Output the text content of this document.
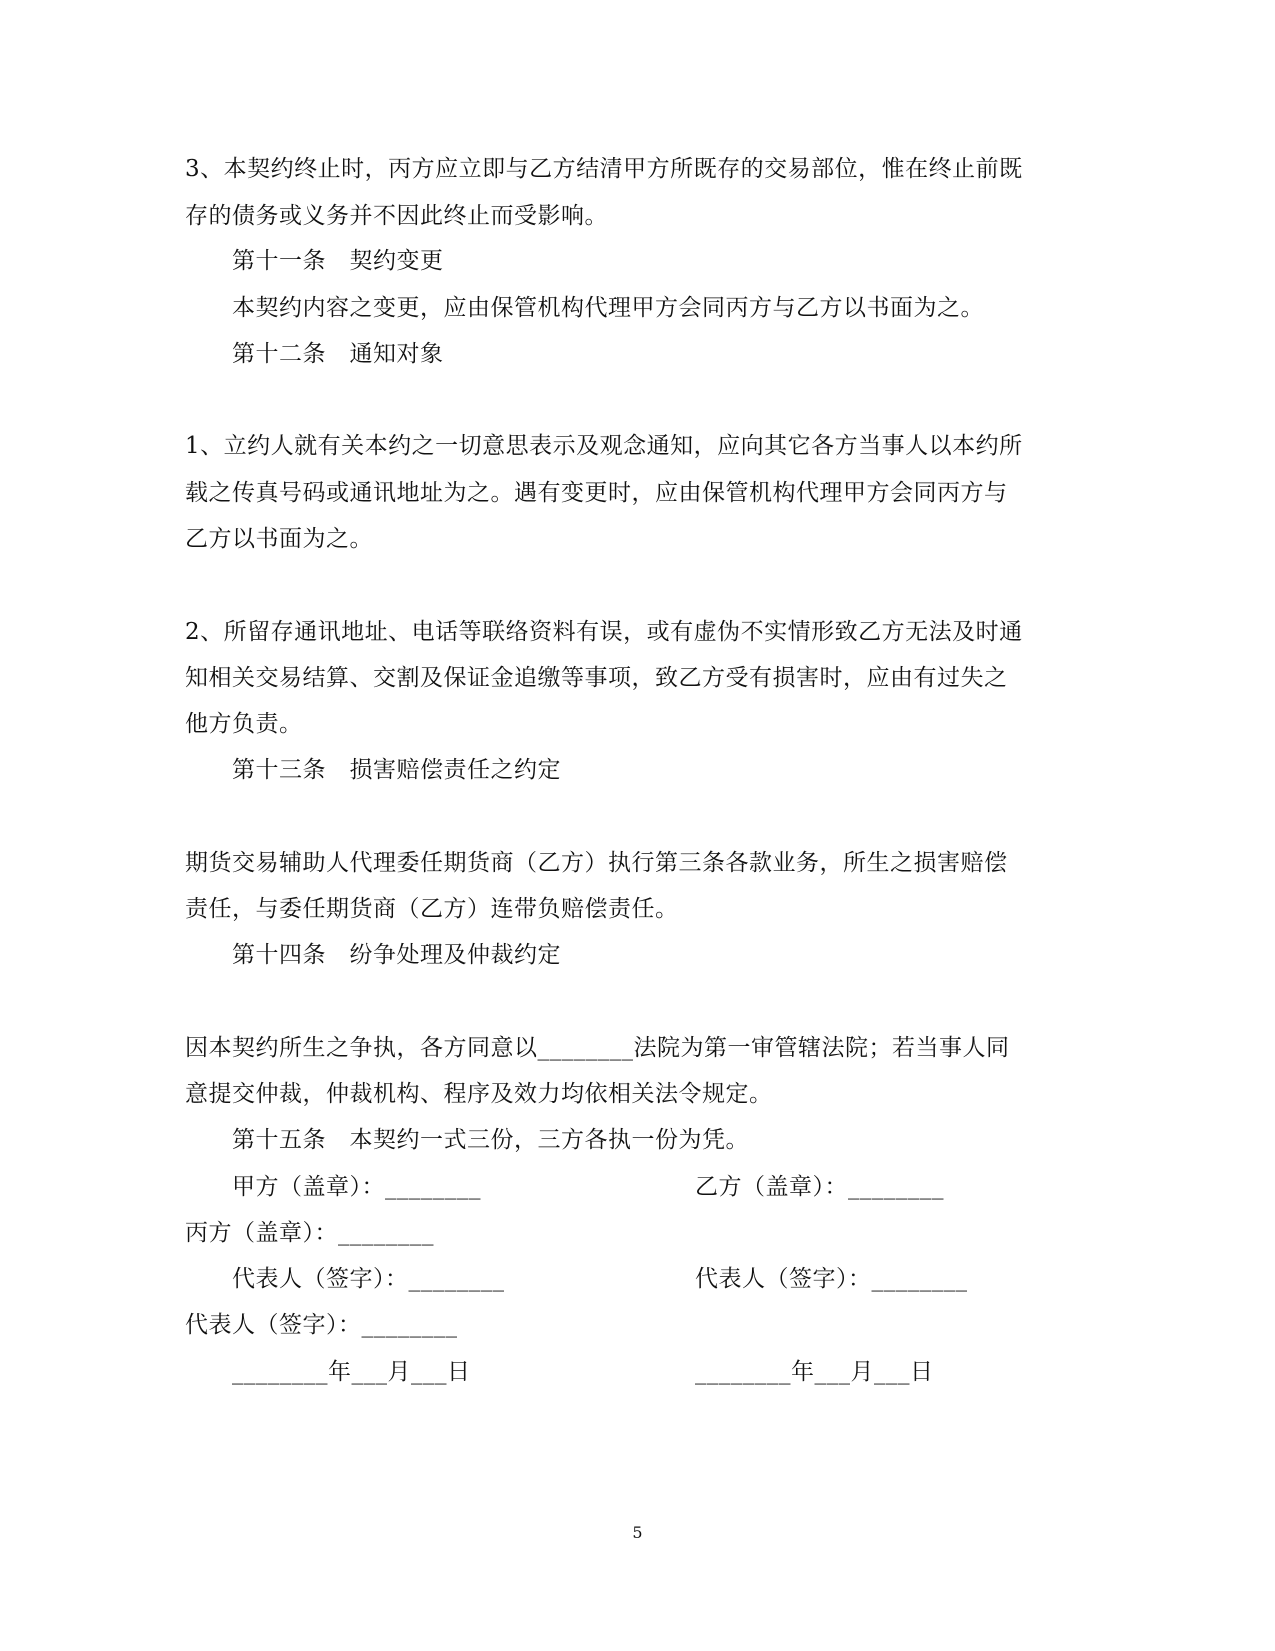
3、本契约终止时，丙方应立即与乙方结清甲方所既存的交易部位，惟在终止前既
存的债务或义务并不因此终止而受影响。
第十一条　契约变更
本契约内容之变更，应由保管机构代理甲方会同丙方与乙方以书面为之。
第十二条　通知对象
1、立约人就有关本约之一切意思表示及观念通知，应向其它各方当事人以本约所
载之传真号码或通讯地址为之。遇有变更时，应由保管机构代理甲方会同丙方与
乙方以书面为之。
2、所留存通讯地址、电话等联络资料有误，或有虚伪不实情形致乙方无法及时通
知相关交易结算、交割及保证金追缴等事项，致乙方受有损害时，应由有过失之
他方负责。
第十三条　损害赔偿责任之约定
期货交易辅助人代理委任期货商（乙方）执行第三条各款业务，所生之损害赔偿
责任，与委任期货商（乙方）连带负赔偿责任。
第十四条　纷争处理及仲裁约定
因本契约所生之争执，各方同意以________法院为第一审管辖法院；若当事人同
意提交仲裁，仲裁机构、程序及效力均依相关法令规定。
第十五条　本契约一式三份，三方各执一份为凭。
甲方（盖章）：________	乙方（盖章）：________
丙方（盖章）：________
代表人（签字）：________	代表人（签字）：________
代表人（签字）：________
________年___月___日	________年___月___日
5
